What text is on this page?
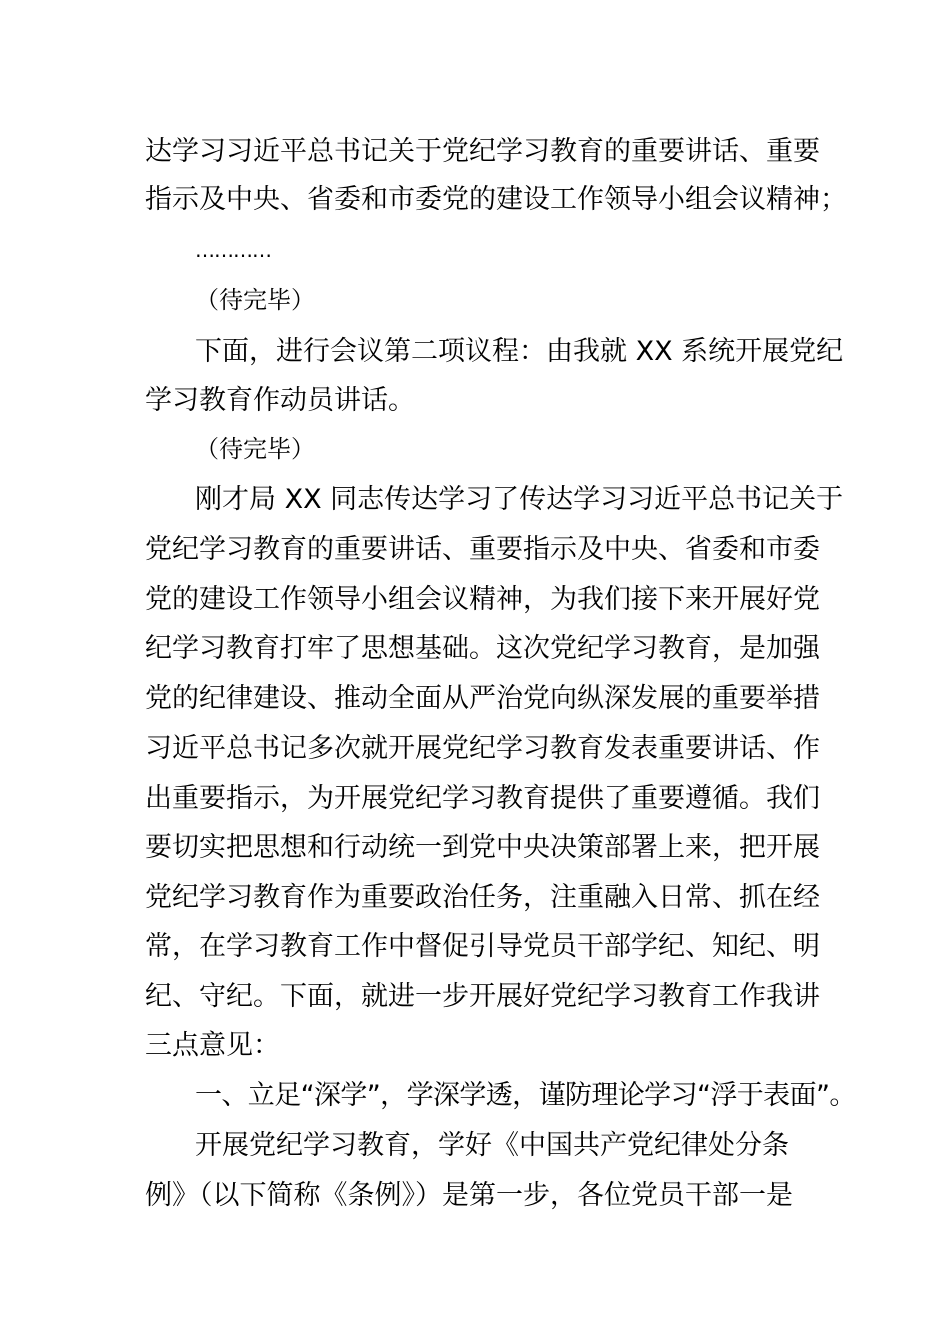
达学习习近平总书记关于党纪学习教育的重要讲话、重要
指示及中央、省委和市委党的建设工作领导小组会议精神；
…………
（待完毕）
下面，进行会议第二项议程：由我就 XX 系统开展党纪
学习教育作动员讲话。
（待完毕）
刚才局 XX 同志传达学习了传达学习习近平总书记关于
党纪学习教育的重要讲话、重要指示及中央、省委和市委
党的建设工作领导小组会议精神，为我们接下来开展好党
纪学习教育打牢了思想基础。这次党纪学习教育，是加强
党的纪律建设、推动全面从严治党向纵深发展的重要举措
习近平总书记多次就开展党纪学习教育发表重要讲话、作
出重要指示，为开展党纪学习教育提供了重要遵循。我们
要切实把思想和行动统一到党中央决策部署上来，把开展
党纪学习教育作为重要政治任务，注重融入日常、抓在经
常，在学习教育工作中督促引导党员干部学纪、知纪、明
纪、守纪。下面，就进一步开展好党纪学习教育工作我讲
三点意见：
一、立足“深学”，学深学透，谨防理论学习“浮于表面”。
开展党纪学习教育，学好《中国共产党纪律处分条
例》（以下简称《条例》）是第一步，各位党员干部一是
